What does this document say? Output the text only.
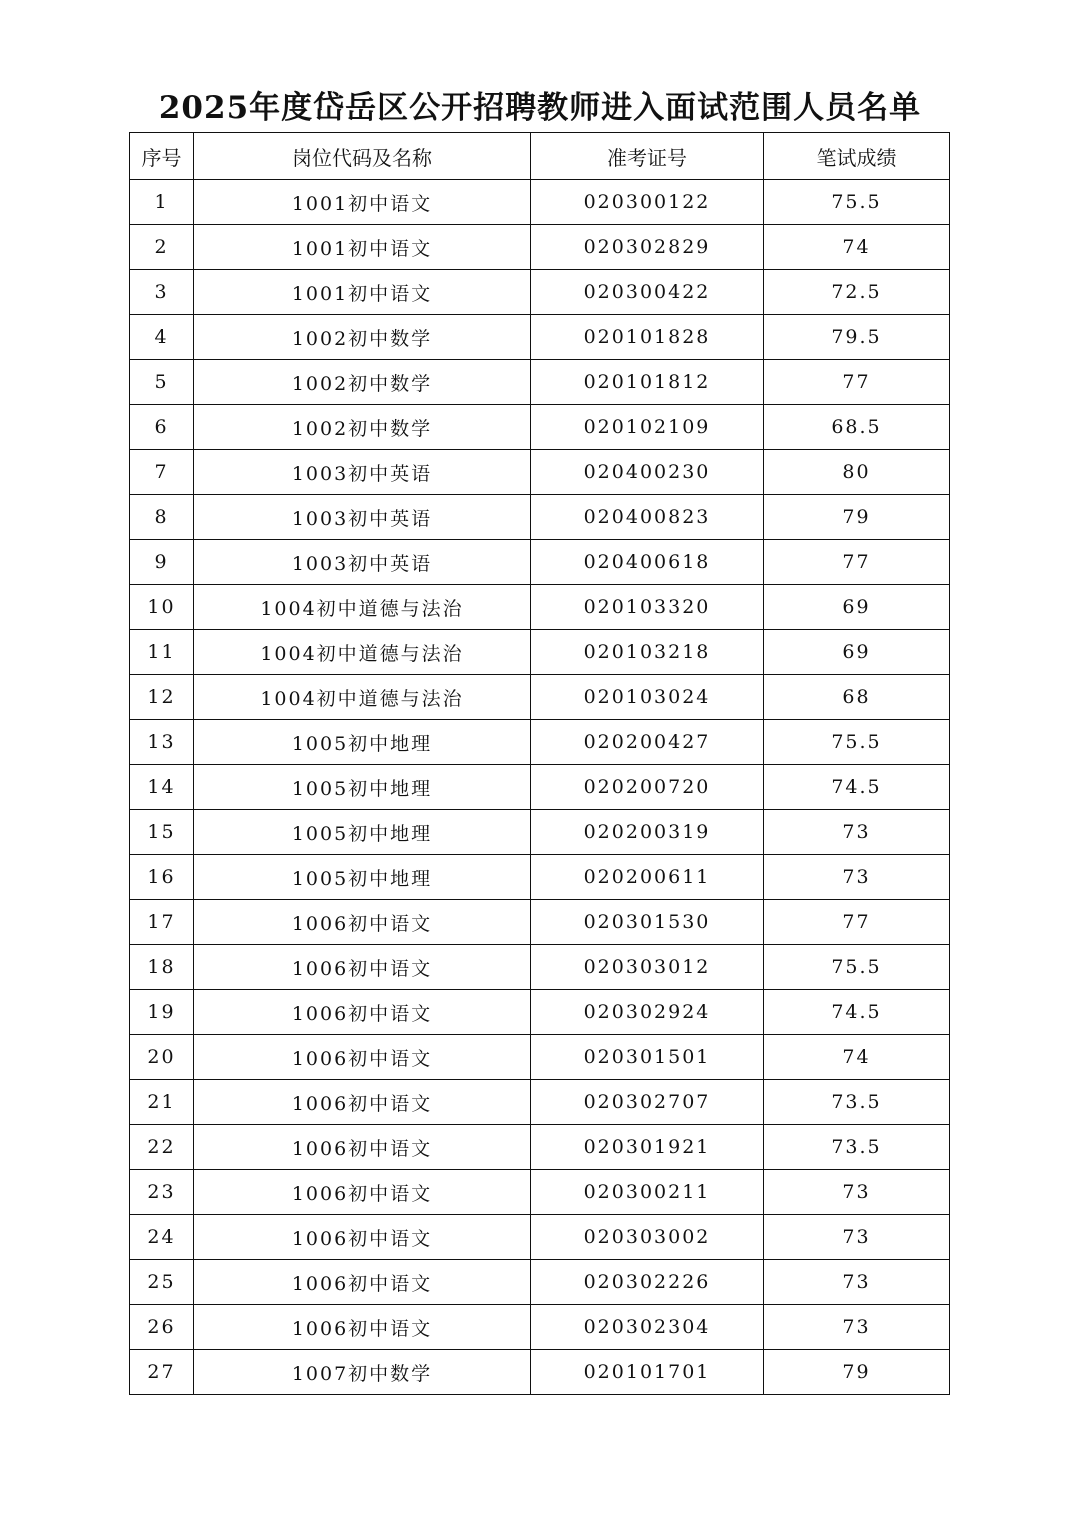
2025年度岱岳区公开招聘教师进入面试范围人员名单
序号	岗位代码及名称	准考证号	笔试成绩
1	1001初中语文	020300122	75.5
2	1001初中语文	020302829	74
3	1001初中语文	020300422	72.5
4	1002初中数学	020101828	79.5
5	1002初中数学	020101812	77
6	1002初中数学	020102109	68.5
7	1003初中英语	020400230	80
8	1003初中英语	020400823	79
9	1003初中英语	020400618	77
10	1004初中道德与法治	020103320	69
11	1004初中道德与法治	020103218	69
12	1004初中道德与法治	020103024	68
13	1005初中地理	020200427	75.5
14	1005初中地理	020200720	74.5
15	1005初中地理	020200319	73
16	1005初中地理	020200611	73
17	1006初中语文	020301530	77
18	1006初中语文	020303012	75.5
19	1006初中语文	020302924	74.5
20	1006初中语文	020301501	74
21	1006初中语文	020302707	73.5
22	1006初中语文	020301921	73.5
23	1006初中语文	020300211	73
24	1006初中语文	020303002	73
25	1006初中语文	020302226	73
26	1006初中语文	020302304	73
27	1007初中数学	020101701	79
